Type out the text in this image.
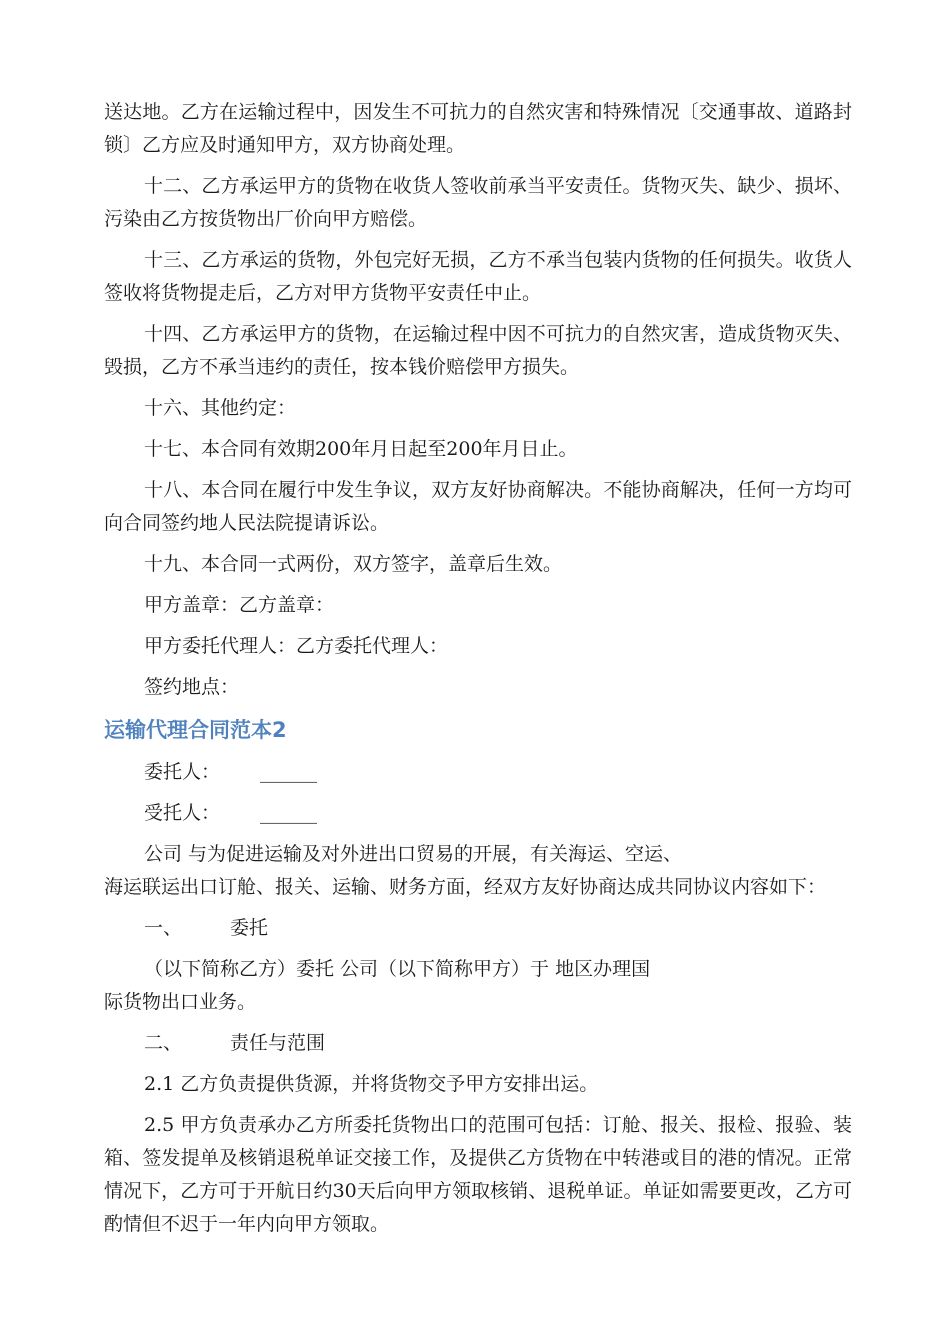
送达地。乙方在运输过程中，因发生不可抗力的自然灾害和特殊情况〔交通事故、道路封锁〕乙方应及时通知甲方，双方协商处理。

十二、乙方承运甲方的货物在收货人签收前承当平安责任。货物灭失、缺少、损坏、污染由乙方按货物出厂价向甲方赔偿。

十三、乙方承运的货物，外包完好无损，乙方不承当包装内货物的任何损失。收货人签收将货物提走后，乙方对甲方货物平安责任中止。

十四、乙方承运甲方的货物，在运输过程中因不可抗力的自然灾害，造成货物灭失、毁损，乙方不承当违约的责任，按本钱价赔偿甲方损失。

十六、其他约定：

十七、本合同有效期200年月日起至200年月日止。

十八、本合同在履行中发生争议，双方友好协商解决。不能协商解决，任何一方均可向合同签约地人民法院提请诉讼。

十九、本合同一式两份，双方签字，盖章后生效。

甲方盖章：乙方盖章：

甲方委托代理人：乙方委托代理人：

签约地点：

运输代理合同范本2

委托人： ______

受托人： ______

公司 与为促进运输及对外进出口贸易的开展，有关海运、空运、
海运联运出口订舱、报关、运输、财务方面，经双方友好协商达成共同协议内容如下：

一、	委托

（以下简称乙方）委托 公司（以下简称甲方）于 地区办理国
际货物出口业务。

二、	责任与范围

2.1 乙方负责提供货源，并将货物交予甲方安排出运。

2.5 甲方负责承办乙方所委托货物出口的范围可包括：订舱、报关、报检、报验、装箱、签发提单及核销退税单证交接工作，及提供乙方货物在中转港或目的港的情况。正常情况下，乙方可于开航日约30天后向甲方领取核销、退税单证。单证如需要更改，乙方可酌情但不迟于一年内向甲方领取。
